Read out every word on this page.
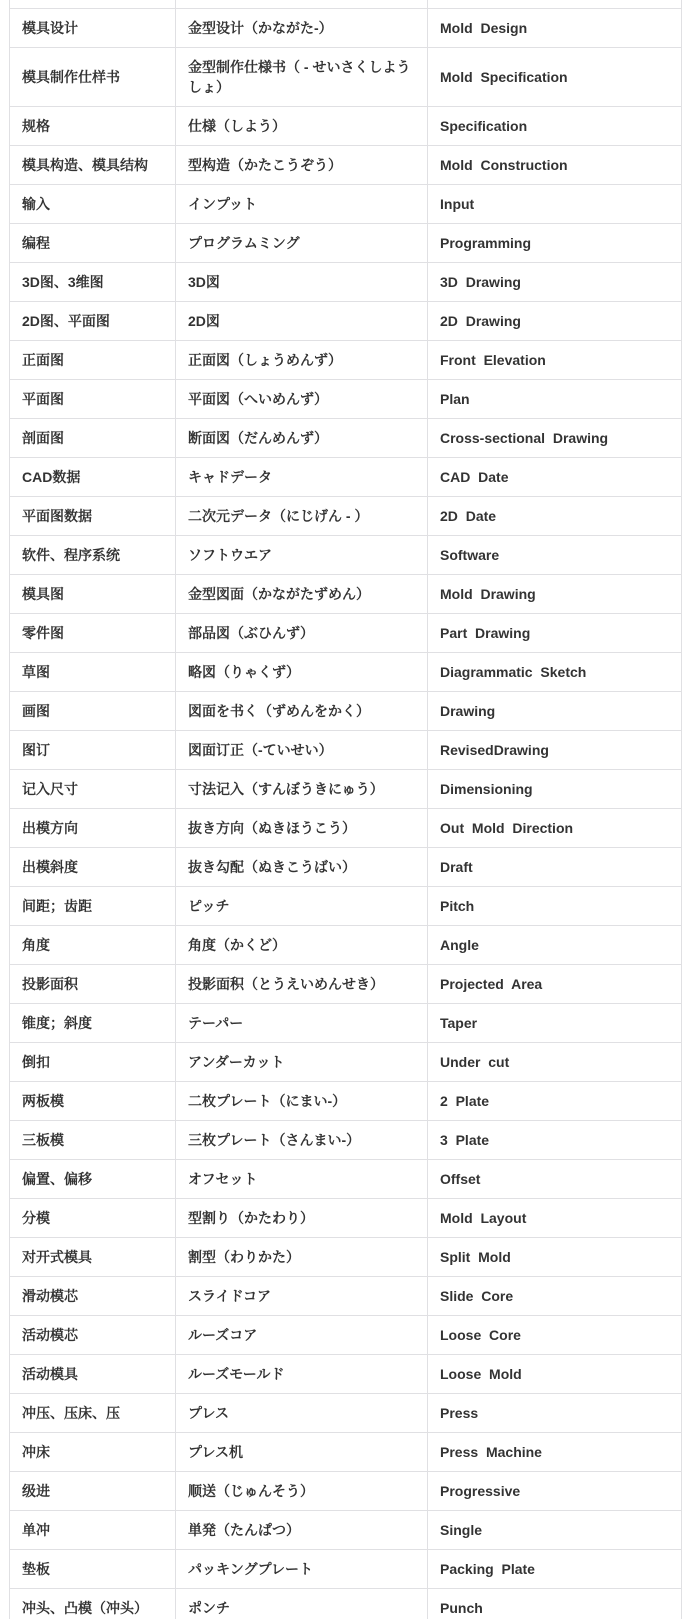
模具设计	金型设计（かながた-）	Mold Design
模具制作仕样书	金型制作仕様书（ - せいさくしようしょ）	Mold Specification
规格	仕様（しよう）	Specification
模具构造、模具结构	型构造（かたこうぞう）	Mold Construction
输入	インプット	Input
编程	プログラムミング	Programming
3D图、3维图	3D図	3D Drawing
2D图、平面图	2D図	2D Drawing
正面图	正面図（しょうめんず）	Front Elevation
平面图	平面図（へいめんず）	Plan
剖面图	断面図（だんめんず）	Cross-sectional Drawing
CAD数据	キャドデータ	CAD Date
平面图数据	二次元データ（にじげん - ）	2D Date
软件、程序系统	ソフトウエア	Software
模具图	金型図面（かながたずめん）	Mold Drawing
零件图	部品図（ぶひんず）	Part Drawing
草图	略図（りゃくず）	Diagrammatic Sketch
画图	図面を书く（ずめんをかく）	Drawing
图订	図面订正（-ていせい）	RevisedDrawing
记入尺寸	寸法记入（すんぼうきにゅう）	Dimensioning
出模方向	抜き方向（ぬきほうこう）	Out Mold Direction
出模斜度	抜き勾配（ぬきこうばい）	Draft
间距；齿距	ピッチ	Pitch
角度	角度（かくど）	Angle
投影面积	投影面积（とうえいめんせき）	Projected Area
锥度；斜度	テーパー	Taper
倒扣	アンダーカット	Under cut
两板模	二枚プレート（にまい-）	2 Plate
三板模	三枚プレート（さんまい-）	3 Plate
偏置、偏移	オフセット	Offset
分模	型割り（かたわり）	Mold Layout
对开式模具	割型（わりかた）	Split Mold
滑动模芯	スライドコア	Slide Core
活动模芯	ルーズコア	Loose Core
活动模具	ルーズモールド	Loose Mold
冲压、压床、压	プレス	Press
冲床	プレス机	Press Machine
级进	顺送（じゅんそう）	Progressive
单冲	単発（たんぱつ）	Single
垫板	パッキングプレート	Packing Plate
冲头、凸模（冲头）	ポンチ	Punch
